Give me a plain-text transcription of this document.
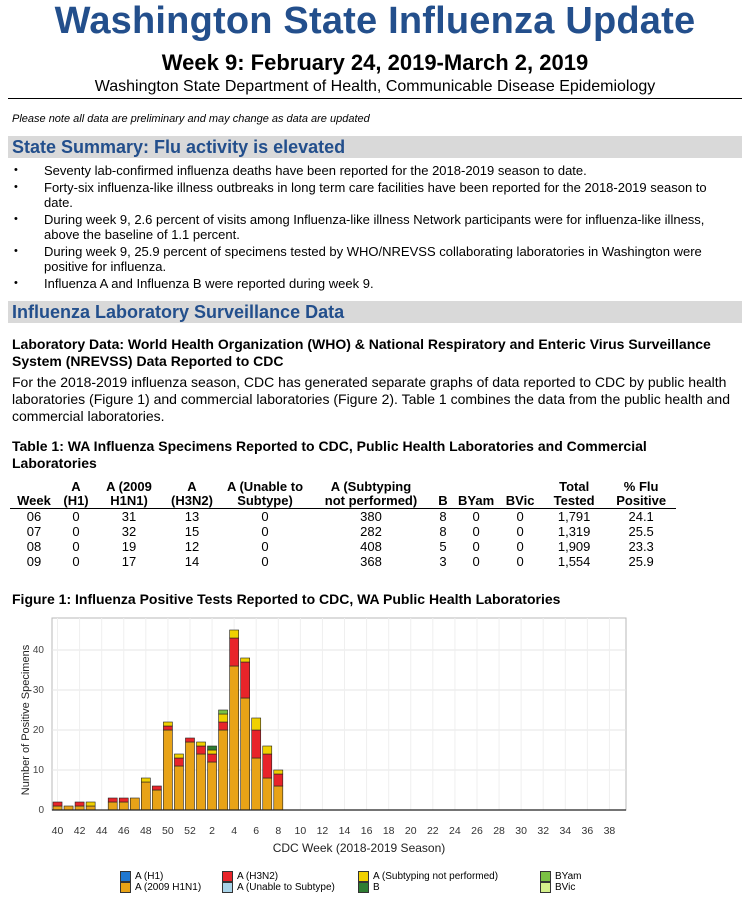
Washington State Influenza Update
Week 9: February 24, 2019-March 2, 2019
Washington State Department of Health, Communicable Disease Epidemiology
Please note all data are preliminary and may change as data are updated
State Summary: Flu activity is elevated
• Seventy lab-confirmed influenza deaths have been reported for the 2018-2019 season to date.
• Forty-six influenza-like illness outbreaks in long term care facilities have been reported for the 2018-2019 season to date.
• During week 9, 2.6 percent of visits among Influenza-like illness Network participants were for influenza-like illness, above the baseline of 1.1 percent.
• During week 9, 25.9 percent of specimens tested by WHO/NREVSS collaborating laboratories in Washington were positive for influenza.
• Influenza A and Influenza B were reported during week 9.
Influenza Laboratory Surveillance Data
Laboratory Data: World Health Organization (WHO) & National Respiratory and Enteric Virus Surveillance System (NREVSS) Data Reported to CDC
For the 2018-2019 influenza season, CDC has generated separate graphs of data reported to CDC by public health laboratories (Figure 1) and commercial laboratories (Figure 2). Table 1 combines the data from the public health and commercial laboratories.
Table 1: WA Influenza Specimens Reported to CDC, Public Health Laboratories and Commercial Laboratories
	A	A (2009	A	A (Unable to	A (Subtyping				Total	% Flu
Week	(H1)	H1N1)	(H3N2)	Subtype)	not performed)	B	BYam	BVic	Tested	Positive
06	0	31	13	0	380	8	0	0	1,791	24.1
07	0	32	15	0	282	8	0	0	1,319	25.5
08	0	19	12	0	408	5	0	0	1,909	23.3
09	0	17	14	0	368	3	0	0	1,554	25.9
Figure 1: Influenza Positive Tests Reported to CDC, WA Public Health Laboratories
0
10
20
30
40
40 42 44 46 48 50 52 2 4 6 8 10 12 14 16 18 20 22 24 26 28 30 32 34 36 38
CDC Week (2018-2019 Season)
Number of Positive Specimens
A (H1)
A (2009 H1N1)
A (H3N2)
A (Unable to Subtype)
A (Subtyping not performed)
B
BYam
BVic
